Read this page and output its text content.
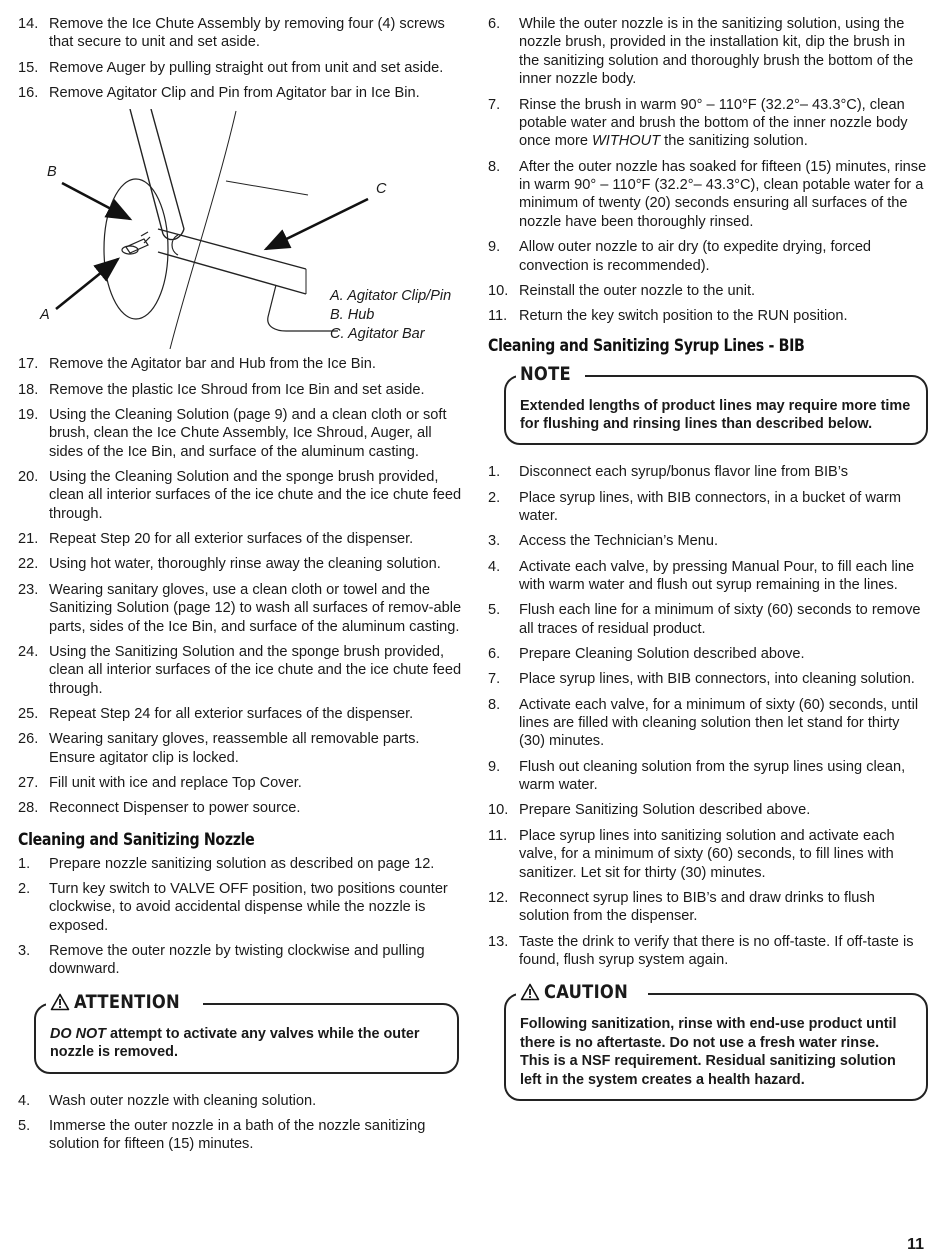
14. Remove the Ice Chute Assembly by removing four (4) screws that secure to unit and set aside.
15. Remove Auger by pulling straight out from unit and set aside.
16. Remove Agitator Clip and Pin from Agitator bar in Ice Bin.
A
B
C
A. Agitator Clip/Pin
B. Hub
C. Agitator Bar
17. Remove the Agitator bar and Hub from the Ice Bin.
18. Remove the plastic Ice Shroud from Ice Bin and set aside.
19. Using the Cleaning Solution (page 9) and a clean cloth or soft brush, clean the Ice Chute Assembly, Ice Shroud, Auger, all sides of the Ice Bin, and surface of the aluminum casting.
20. Using the Cleaning Solution and the sponge brush provided, clean all interior surfaces of the ice chute and the ice chute feed through.
21. Repeat Step 20 for all exterior surfaces of the dispenser.
22. Using hot water, thoroughly rinse away the cleaning solution.
23. Wearing sanitary gloves, use a clean cloth or towel and the Sanitizing Solution (page 12) to wash all surfaces of remov-able parts, sides of the Ice Bin, and surface of the aluminum casting.
24. Using the Sanitizing Solution and the sponge brush provided, clean all interior surfaces of the ice chute and the ice chute feed through.
25. Repeat Step 24 for all exterior surfaces of the dispenser.
26. Wearing sanitary gloves, reassemble all removable parts. Ensure agitator clip is locked.
27. Fill unit with ice and replace Top Cover.
28. Reconnect Dispenser to power source.
Cleaning and Sanitizing Nozzle
1.	Prepare nozzle sanitizing solution as described on page 12.
2.	Turn key switch to VALVE OFF position, two positions counter clockwise, to avoid accidental dispense while the nozzle is exposed.
3.	Remove the outer nozzle by twisting clockwise and pulling downward.
ATTENTION

DO NOT attempt to activate any valves while the outer nozzle is removed.

4.	Wash outer nozzle with cleaning solution.
5.	Immerse the outer nozzle in a bath of the nozzle sanitizing solution for fifteen (15) minutes.
6.	While the outer nozzle is in the sanitizing solution, using the nozzle brush, provided in the installation kit, dip the brush in the sanitizing solution and thoroughly brush the bottom of the inner nozzle body.
7.	Rinse the brush in warm 90° – 110°F (32.2°– 43.3°C), clean potable water and brush the bottom of the inner nozzle body once more WITHOUT the sanitizing solution.
8.	After the outer nozzle has soaked for fifteen (15) minutes, rinse in warm 90° – 110°F (32.2°– 43.3°C), clean potable water for a minimum of twenty (20) seconds ensuring all surfaces of the nozzle have been thoroughly rinsed.
9.	Allow outer nozzle to air dry (to expedite drying, forced convection is recommended).
10. Reinstall the outer nozzle to the unit.
11. Return the key switch position to the RUN position.
Cleaning and Sanitizing Syrup Lines - BIB
NOTE

Extended lengths of product lines may require more time for flushing and rinsing lines than described below.

1.	Disconnect each syrup/bonus flavor line from BIB’s
2.	Place syrup lines, with BIB connectors, in a bucket of warm water.
3.	Access the Technician’s Menu.
4.	Activate each valve, by pressing Manual Pour, to fill each line with warm water and flush out syrup remaining in the lines.
5.	Flush each line for a minimum of sixty (60) seconds to remove all traces of residual product.
6.	Prepare Cleaning Solution described above.
7.	Place syrup lines, with BIB connectors, into cleaning solution.
8.	Activate each valve, for a minimum of sixty (60) seconds, until lines are filled with cleaning solution then let stand for thirty (30) minutes.
9.	Flush out cleaning solution from the syrup lines using clean, warm water.
10. Prepare Sanitizing Solution described above.
11. Place syrup lines into sanitizing solution and activate each valve, for a minimum of sixty (60) seconds, to fill lines with sanitizer. Let sit for thirty (30) minutes.
12. Reconnect syrup lines to BIB’s and draw drinks to flush solution from the dispenser.
13. Taste the drink to verify that there is no off-taste. If off-taste is found, flush syrup system again.
CAUTION

Following sanitization, rinse with end-use product until there is no aftertaste. Do not use a fresh water rinse. This is a NSF requirement. Residual sanitizing solution left in the system creates a health hazard.

11
